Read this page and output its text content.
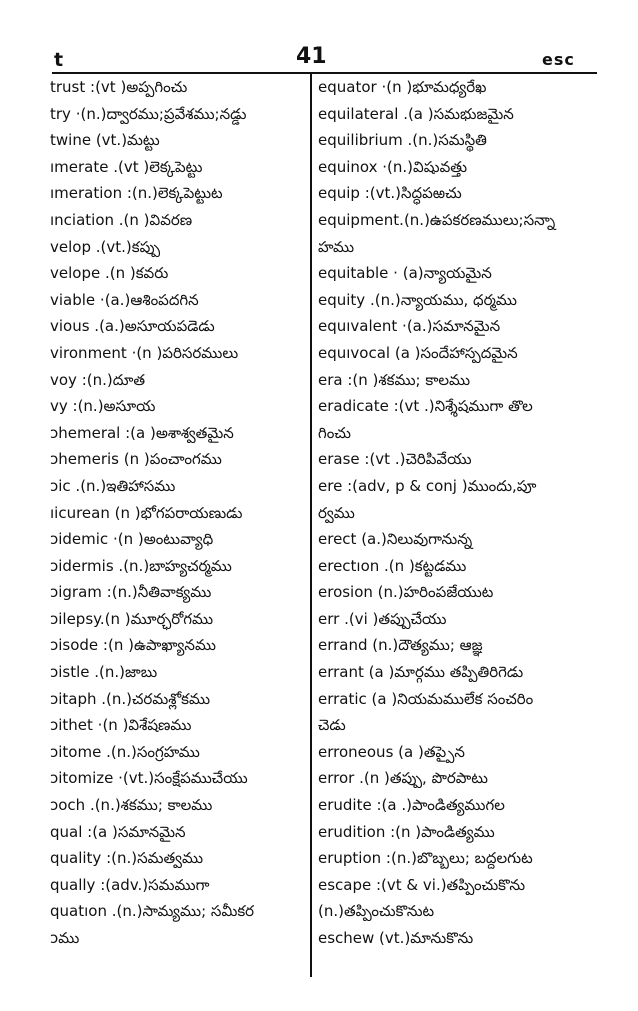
t	41	esc
trust :(vt )అప్పగించు
try ·(n.)ద్వారము;ప్రవేశము;నడ్డు
twine (vt.)మట్టు
ımerate .(vt )లెక్కపెట్టు
ımeration :(n.)లెక్కపెట్టుట
ınciation .(n )వివరణ
velop .(vt.)కప్పు
velope .(n )కవరు
viable ·(a.)ఆశింపదగిన
vious .(a.)అసూయపడెడు
vironment ·(n )పరిసరములు
voy :(n.)దూత
vy :(n.)అసూయ
ɔhemeral :(a )అశాశ్వతమైన
ɔhemeris (n )పంచాంగము
ɔic .(n.)ఇతిహాసము
ıicurean (n )భోగపరాయణుడు
ɔidemic ·(n )అంటువ్యాధి
ɔidermis .(n.)బాహ్యచర్మము
ɔigram :(n.)నీతివాక్యము
ɔilepsy.(n )మూర్ఛరోగము
ɔisode :(n )ఉపాఖ్యానము
ɔistle .(n.)జాబు
ɔitaph .(n.)చరమశ్లోకము
ɔithet ·(n )విశేషణము
ɔitome .(n.)సంగ్రహము
ɔitomize ·(vt.)సంక్షేపముచేయు
ɔoch .(n.)శకము; కాలము
qual :(a )సమానమైన
quality :(n.)సమత్వము
qually :(adv.)సమముగా
quatıon .(n.)సామ్యము; సమీకర
ɔము
equator ·(n )భూమధ్యరేఖ
equilateral .(a )సమభుజమైన
equilibrium .(n.)సమస్థితి
equinox ·(n.)విషువత్తు
equip :(vt.)సిద్ధపఱచు
equipment.(n.)ఉపకరణములు;సన్నా
హము
equitable · (a)న్యాయమైన
equity .(n.)న్యాయము, ధర్మము
equıvalent ·(a.)సమానమైన
equıvocal (a )సందేహాస్పదమైన
era :(n )శకము; కాలము
eradicate :(vt .)నిశ్శేషముగా తొల
గించు
erase :(vt .)చెరిపివేయు
ere :(adv, p & conj )ముందు,పూ
ర్వము
erect (a.)నిలువుగానున్న
erectıon .(n )కట్టడము
erosion (n.)హరింపజేయుట
err .(vi )తప్పుచేయు
errand (n.)దౌత్యము; ఆజ్ఞ
errant (a )మార్గము తప్పితిరిగెడు
erratic (a )నియమములేక సంచరిం
చెడు
erroneous (a )తప్పైన
error .(n )తప్పు, పొరపాటు
erudite :(a .)పాండిత్యముగల
erudition :(n )పాండిత్యము
eruption :(n.)బొబ్బలు; బద్దలగుట
escape :(vt & vi.)తప్పించుకొను
(n.)తప్పించుకొనుట
eschew (vt.)మానుకొను
